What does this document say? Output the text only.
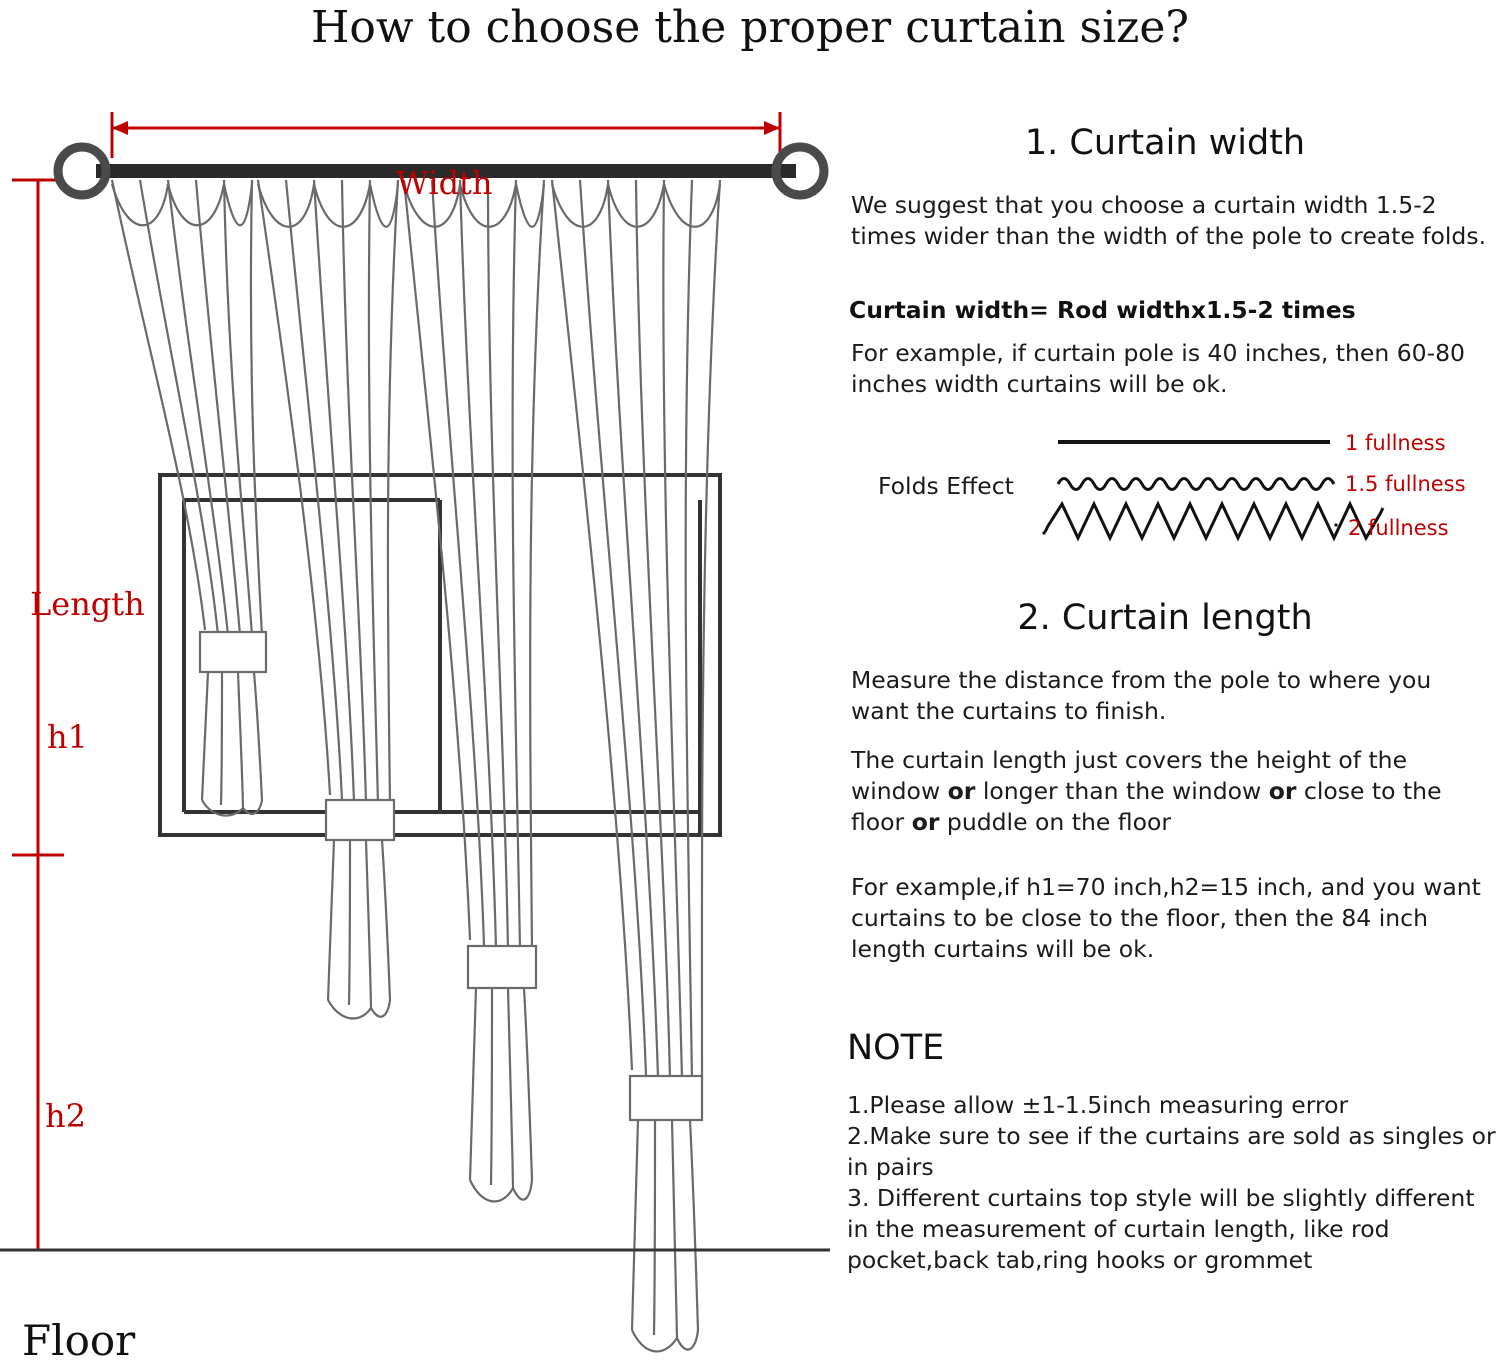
How to choose the proper curtain size?
Width
Length
h1
h2
Floor
1. Curtain width
We suggest that you choose a curtain width 1.5-2 times wider than the width of the pole to create folds.
Curtain width= Rod widthx1.5-2 times
For example, if curtain pole is 40 inches, then 60-80 inches width curtains will be ok.
Folds Effect
1 fullness
1.5 fullness
2 fullness
2. Curtain length
Measure the distance from the pole to where you want the curtains to finish.
The curtain length just covers the height of the window or longer than the window or close to the floor or puddle on the floor
For example,if h1=70 inch,h2=15 inch, and you want curtains to be close to the floor, then the 84 inch length curtains will be ok.
NOTE
1.Please allow ±1-1.5inch measuring error
2.Make sure to see if the curtains are sold as singles or in pairs
3. Different curtains top style will be slightly different in the measurement of curtain length, like rod pocket,back tab,ring hooks or grommet
